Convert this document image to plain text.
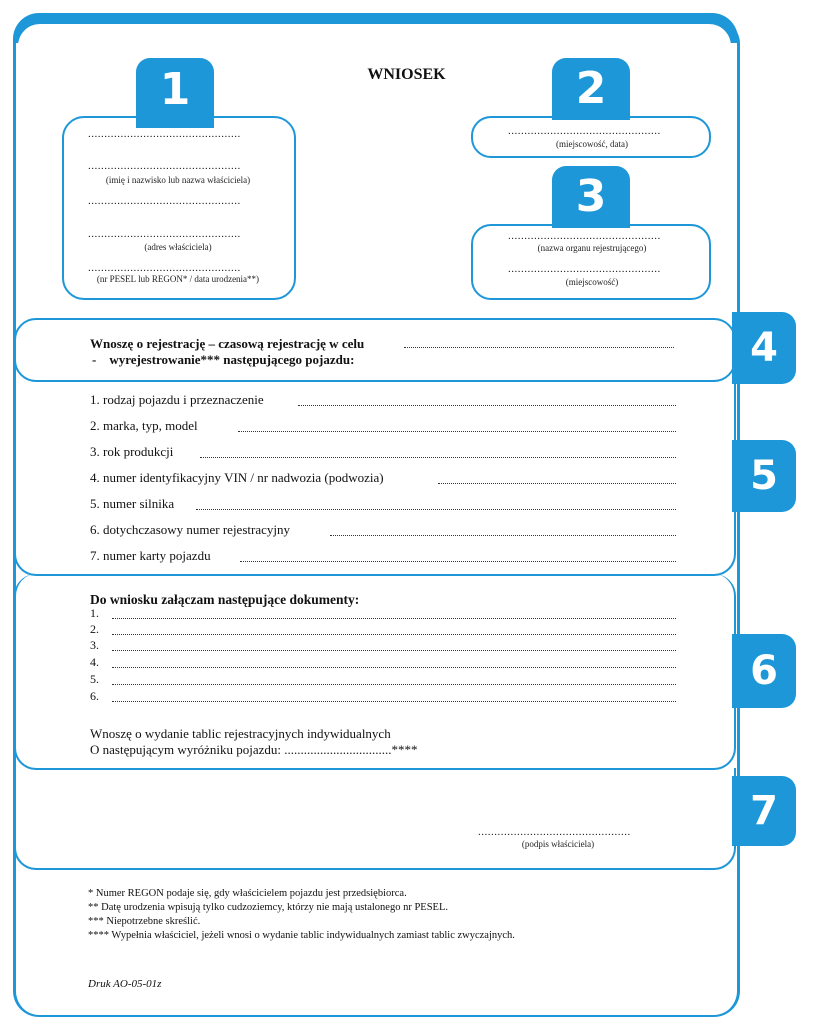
WNIOSEK
1
...............................................
...............................................
(imię i nazwisko lub nazwa właściciela)
...............................................
...............................................
(adres właściciela)
...............................................
(nr PESEL lub REGON* / data urodzenia**)
2
...............................................
(miejscowość, data)
3
...............................................
(nazwa organu rejestrującego)
...............................................
(miejscowość)
4
Wnoszę o rejestrację – czasową rejestrację w celu
- wyrejestrowanie*** następującego pojazdu:
5
1. rodzaj pojazdu i przeznaczenie
2. marka, typ, model
3. rok produkcji
4. numer identyfikacyjny VIN / nr nadwozia (podwozia)
5. numer silnika
6. dotychczasowy numer rejestracyjny
7. numer karty pojazdu
6
Do wniosku załączam następujące dokumenty:
1.
2.
3.
4.
5.
6.
Wnoszę o wydanie tablic rejestracyjnych indywidualnych
O następującym wyróżniku pojazdu: .................................****
7
...............................................
(podpis właściciela)
* Numer REGON podaje się, gdy właścicielem pojazdu jest przedsiębiorca.
** Datę urodzenia wpisują tylko cudzoziemcy, którzy nie mają ustalonego nr PESEL.
*** Niepotrzebne skreślić.
**** Wypełnia właściciel, jeżeli wnosi o wydanie tablic indywidualnych zamiast tablic zwyczajnych.
Druk AO-05-01z
